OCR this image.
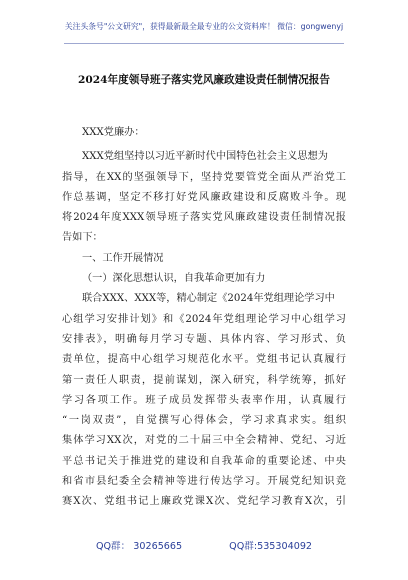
关注头条号"公文研究"，获得最新最全最专业的公文资料库！ 微信：gongwenyj
2024年度领导班子落实党风廉政建设责任制情况报告
XXX党廉办：
XXX党组坚持以习近平新时代中国特色社会主义思想为
指导，在XX的坚强领导下，坚持党要管党全面从严治党工
作总基调，坚定不移打好党风廉政建设和反腐败斗争。现
将2024年度XXX领导班子落实党风廉政建设责任制情况报
告如下：
一、工作开展情况
（一）深化思想认识，自我革命更加有力
联合XXX、XXX等，精心制定《2024年党组理论学习中
心组学习安排计划》和《2024年党组理论学习中心组学习
安排表》，明确每月学习专题、具体内容、学习形式、负
责单位，提高中心组学习规范化水平。党组书记认真履行
第一责任人职责，提前谋划，深入研究，科学统筹，抓好
学习各项工作。班子成员发挥带头表率作用，认真履行
“一岗双责”，自觉撰写心得体会，学习求真求实。组织
集体学习XX次，对党的二十届三中全会精神、党纪、习近
平总书记关于推进党的建设和自我革命的重要论述、中央
和省市县纪委全会精神等进行传达学习。开展党纪知识竞
赛X次、党组书记上廉政党课X次、党纪学习教育X次，引
QQ群： 30265665	QQ群:535304092
